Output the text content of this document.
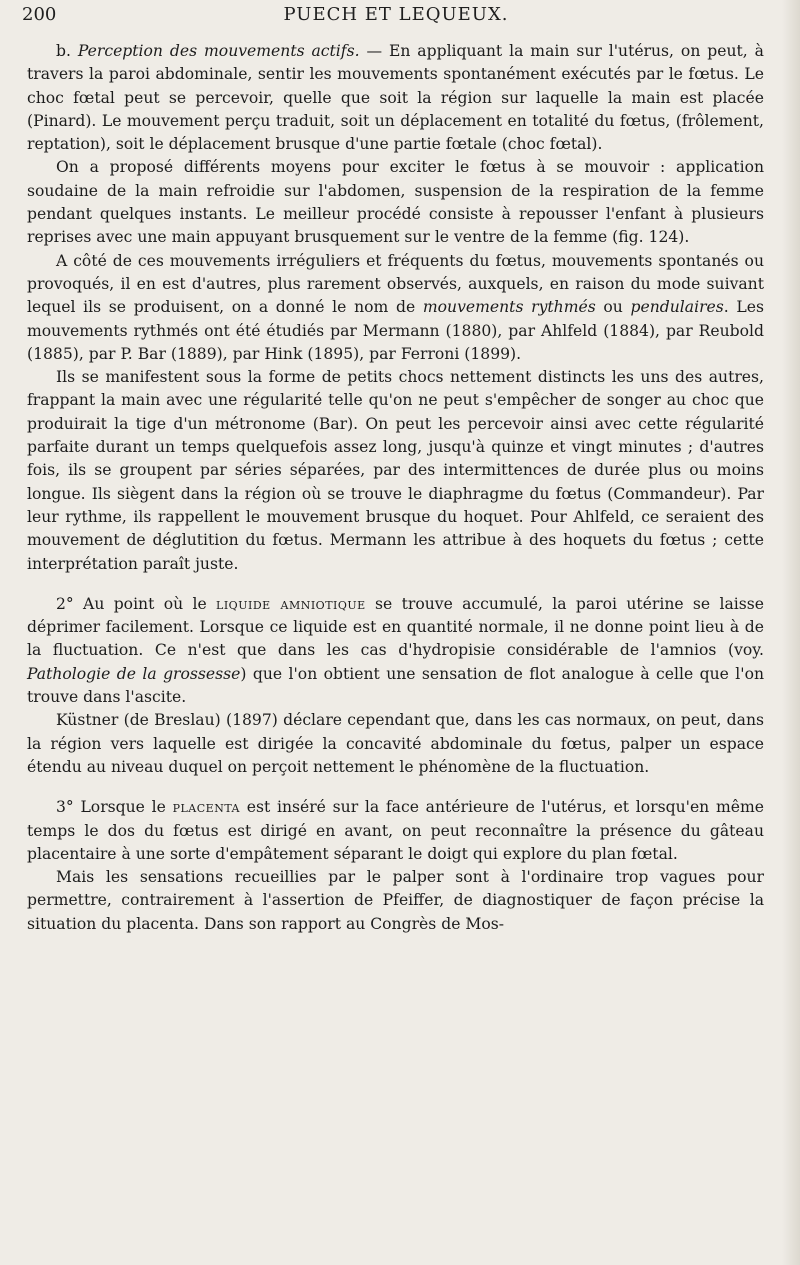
200	PUECH ET LEQUEUX.

b. Perception des mouvements actifs. — En appliquant la main sur l'utérus, on peut, à travers la paroi abdominale, sentir les mouvements spontanément exécutés par le fœtus. Le choc fœtal peut se percevoir, quelle que soit la région sur laquelle la main est placée (Pinard). Le mouvement perçu traduit, soit un déplacement en totalité du fœtus, (frôlement, reptation), soit le déplacement brusque d'une partie fœtale (choc fœtal).

On a proposé différents moyens pour exciter le fœtus à se mouvoir : application soudaine de la main refroidie sur l'abdomen, suspension de la respiration de la femme pendant quelques instants. Le meilleur procédé consiste à repousser l'enfant à plusieurs reprises avec une main appuyant brusquement sur le ventre de la femme (fig. 124).

A côté de ces mouvements irréguliers et fréquents du fœtus, mouvements spontanés ou provoqués, il en est d'autres, plus rarement observés, auxquels, en raison du mode suivant lequel ils se produisent, on a donné le nom de mouvements rythmés ou pendulaires. Les mouvements rythmés ont été étudiés par Mermann (1880), par Ahlfeld (1884), par Reubold (1885), par P. Bar (1889), par Hink (1895), par Ferroni (1899).

Ils se manifestent sous la forme de petits chocs nettement distincts les uns des autres, frappant la main avec une régularité telle qu'on ne peut s'empêcher de songer au choc que produirait la tige d'un métronome (Bar). On peut les percevoir ainsi avec cette régularité parfaite durant un temps quelquefois assez long, jusqu'à quinze et vingt minutes ; d'autres fois, ils se groupent par séries séparées, par des intermittences de durée plus ou moins longue. Ils siègent dans la région où se trouve le diaphragme du fœtus (Commandeur). Par leur rythme, ils rappellent le mouvement brusque du hoquet. Pour Ahlfeld, ce seraient des mouvement de déglutition du fœtus. Mermann les attribue à des hoquets du fœtus ; cette interprétation paraît juste.

2° Au point où le liquide amniotique se trouve accumulé, la paroi utérine se laisse déprimer facilement. Lorsque ce liquide est en quantité normale, il ne donne point lieu à de la fluctuation. Ce n'est que dans les cas d'hydropisie considérable de l'amnios (voy. Pathologie de la grossesse) que l'on obtient une sensation de flot analogue à celle que l'on trouve dans l'ascite.

Küstner (de Breslau) (1897) déclare cependant que, dans les cas normaux, on peut, dans la région vers laquelle est dirigée la concavité abdominale du fœtus, palper un espace étendu au niveau duquel on perçoit nettement le phénomène de la fluctuation.

3° Lorsque le placenta est inséré sur la face antérieure de l'utérus, et lorsqu'en même temps le dos du fœtus est dirigé en avant, on peut reconnaître la présence du gâteau placentaire à une sorte d'empâtement séparant le doigt qui explore du plan fœtal.

Mais les sensations recueillies par le palper sont à l'ordinaire trop vagues pour permettre, contrairement à l'assertion de Pfeiffer, de diagnostiquer de façon précise la situation du placenta. Dans son rapport au Congrès de Mos-
